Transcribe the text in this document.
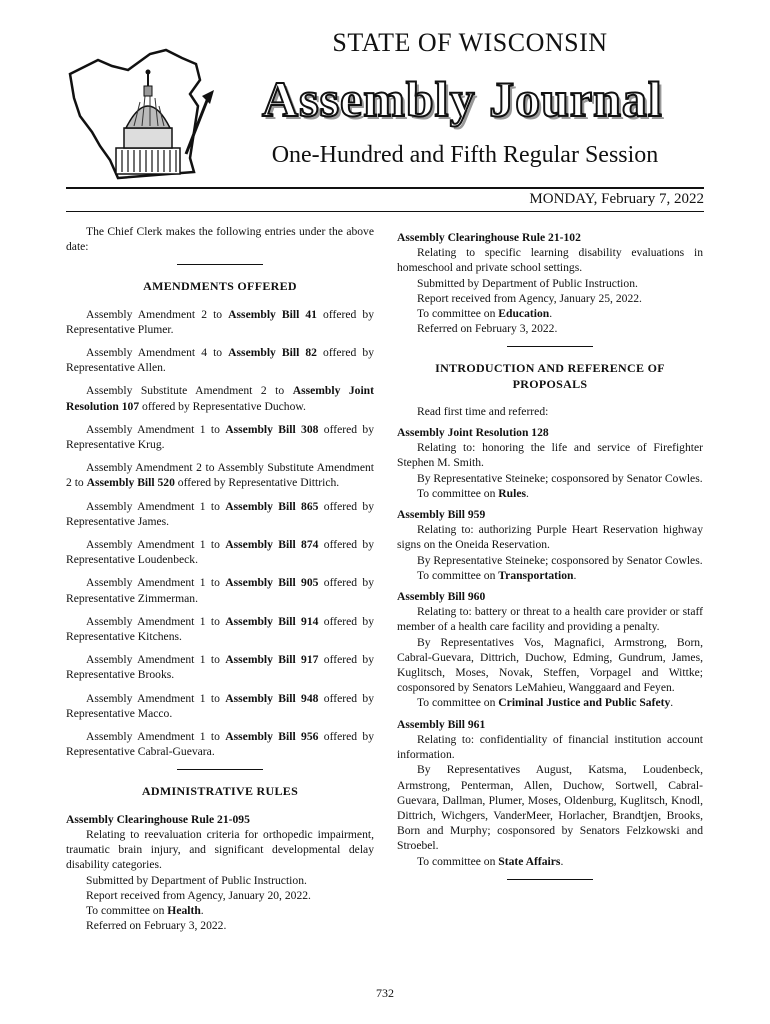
STATE OF WISCONSIN
Assembly Journal
One-Hundred and Fifth Regular Session
MONDAY, February 7, 2022

The Chief Clerk makes the following entries under the above date:

AMENDMENTS OFFERED

Assembly Amendment 2 to Assembly Bill 41 offered by Representative Plumer.

Assembly Amendment 4 to Assembly Bill 82 offered by Representative Allen.

Assembly Substitute Amendment 2 to Assembly Joint Resolution 107 offered by Representative Duchow.

Assembly Amendment 1 to Assembly Bill 308 offered by Representative Krug.

Assembly Amendment 2 to Assembly Substitute Amendment 2 to Assembly Bill 520 offered by Representative Dittrich.

Assembly Amendment 1 to Assembly Bill 865 offered by Representative James.

Assembly Amendment 1 to Assembly Bill 874 offered by Representative Loudenbeck.

Assembly Amendment 1 to Assembly Bill 905 offered by Representative Zimmerman.

Assembly Amendment 1 to Assembly Bill 914 offered by Representative Kitchens.

Assembly Amendment 1 to Assembly Bill 917 offered by Representative Brooks.

Assembly Amendment 1 to Assembly Bill 948 offered by Representative Macco.

Assembly Amendment 1 to Assembly Bill 956 offered by Representative Cabral-Guevara.

ADMINISTRATIVE RULES

Assembly Clearinghouse Rule 21-095

Relating to reevaluation criteria for orthopedic impairment, traumatic brain injury, and significant developmental delay disability categories.

Submitted by Department of Public Instruction.

Report received from Agency, January 20, 2022.

To committee on Health.

Referred on February 3, 2022.

Assembly Clearinghouse Rule 21-102

Relating to specific learning disability evaluations in homeschool and private school settings.

Submitted by Department of Public Instruction.

Report received from Agency, January 25, 2022.

To committee on Education.

Referred on February 3, 2022.

INTRODUCTION AND REFERENCE OF PROPOSALS

Read first time and referred:

Assembly Joint Resolution 128

Relating to: honoring the life and service of Firefighter Stephen M. Smith.

By Representative Steineke; cosponsored by Senator Cowles.

To committee on Rules.

Assembly Bill 959

Relating to: authorizing Purple Heart Reservation highway signs on the Oneida Reservation.

By Representative Steineke; cosponsored by Senator Cowles.

To committee on Transportation.

Assembly Bill 960

Relating to: battery or threat to a health care provider or staff member of a health care facility and providing a penalty.

By Representatives Vos, Magnafici, Armstrong, Born, Cabral-Guevara, Dittrich, Duchow, Edming, Gundrum, James, Kuglitsch, Moses, Novak, Steffen, Vorpagel and Wittke; cosponsored by Senators LeMahieu, Wanggaard and Feyen.

To committee on Criminal Justice and Public Safety.

Assembly Bill 961

Relating to: confidentiality of financial institution account information.

By Representatives August, Katsma, Loudenbeck, Armstrong, Penterman, Allen, Duchow, Sortwell, Cabral-Guevara, Dallman, Plumer, Moses, Oldenburg, Kuglitsch, Knodl, Dittrich, Wichgers, VanderMeer, Horlacher, Brandtjen, Brooks, Born and Murphy; cosponsored by Senators Felzkowski and Stroebel.

To committee on State Affairs.

732
